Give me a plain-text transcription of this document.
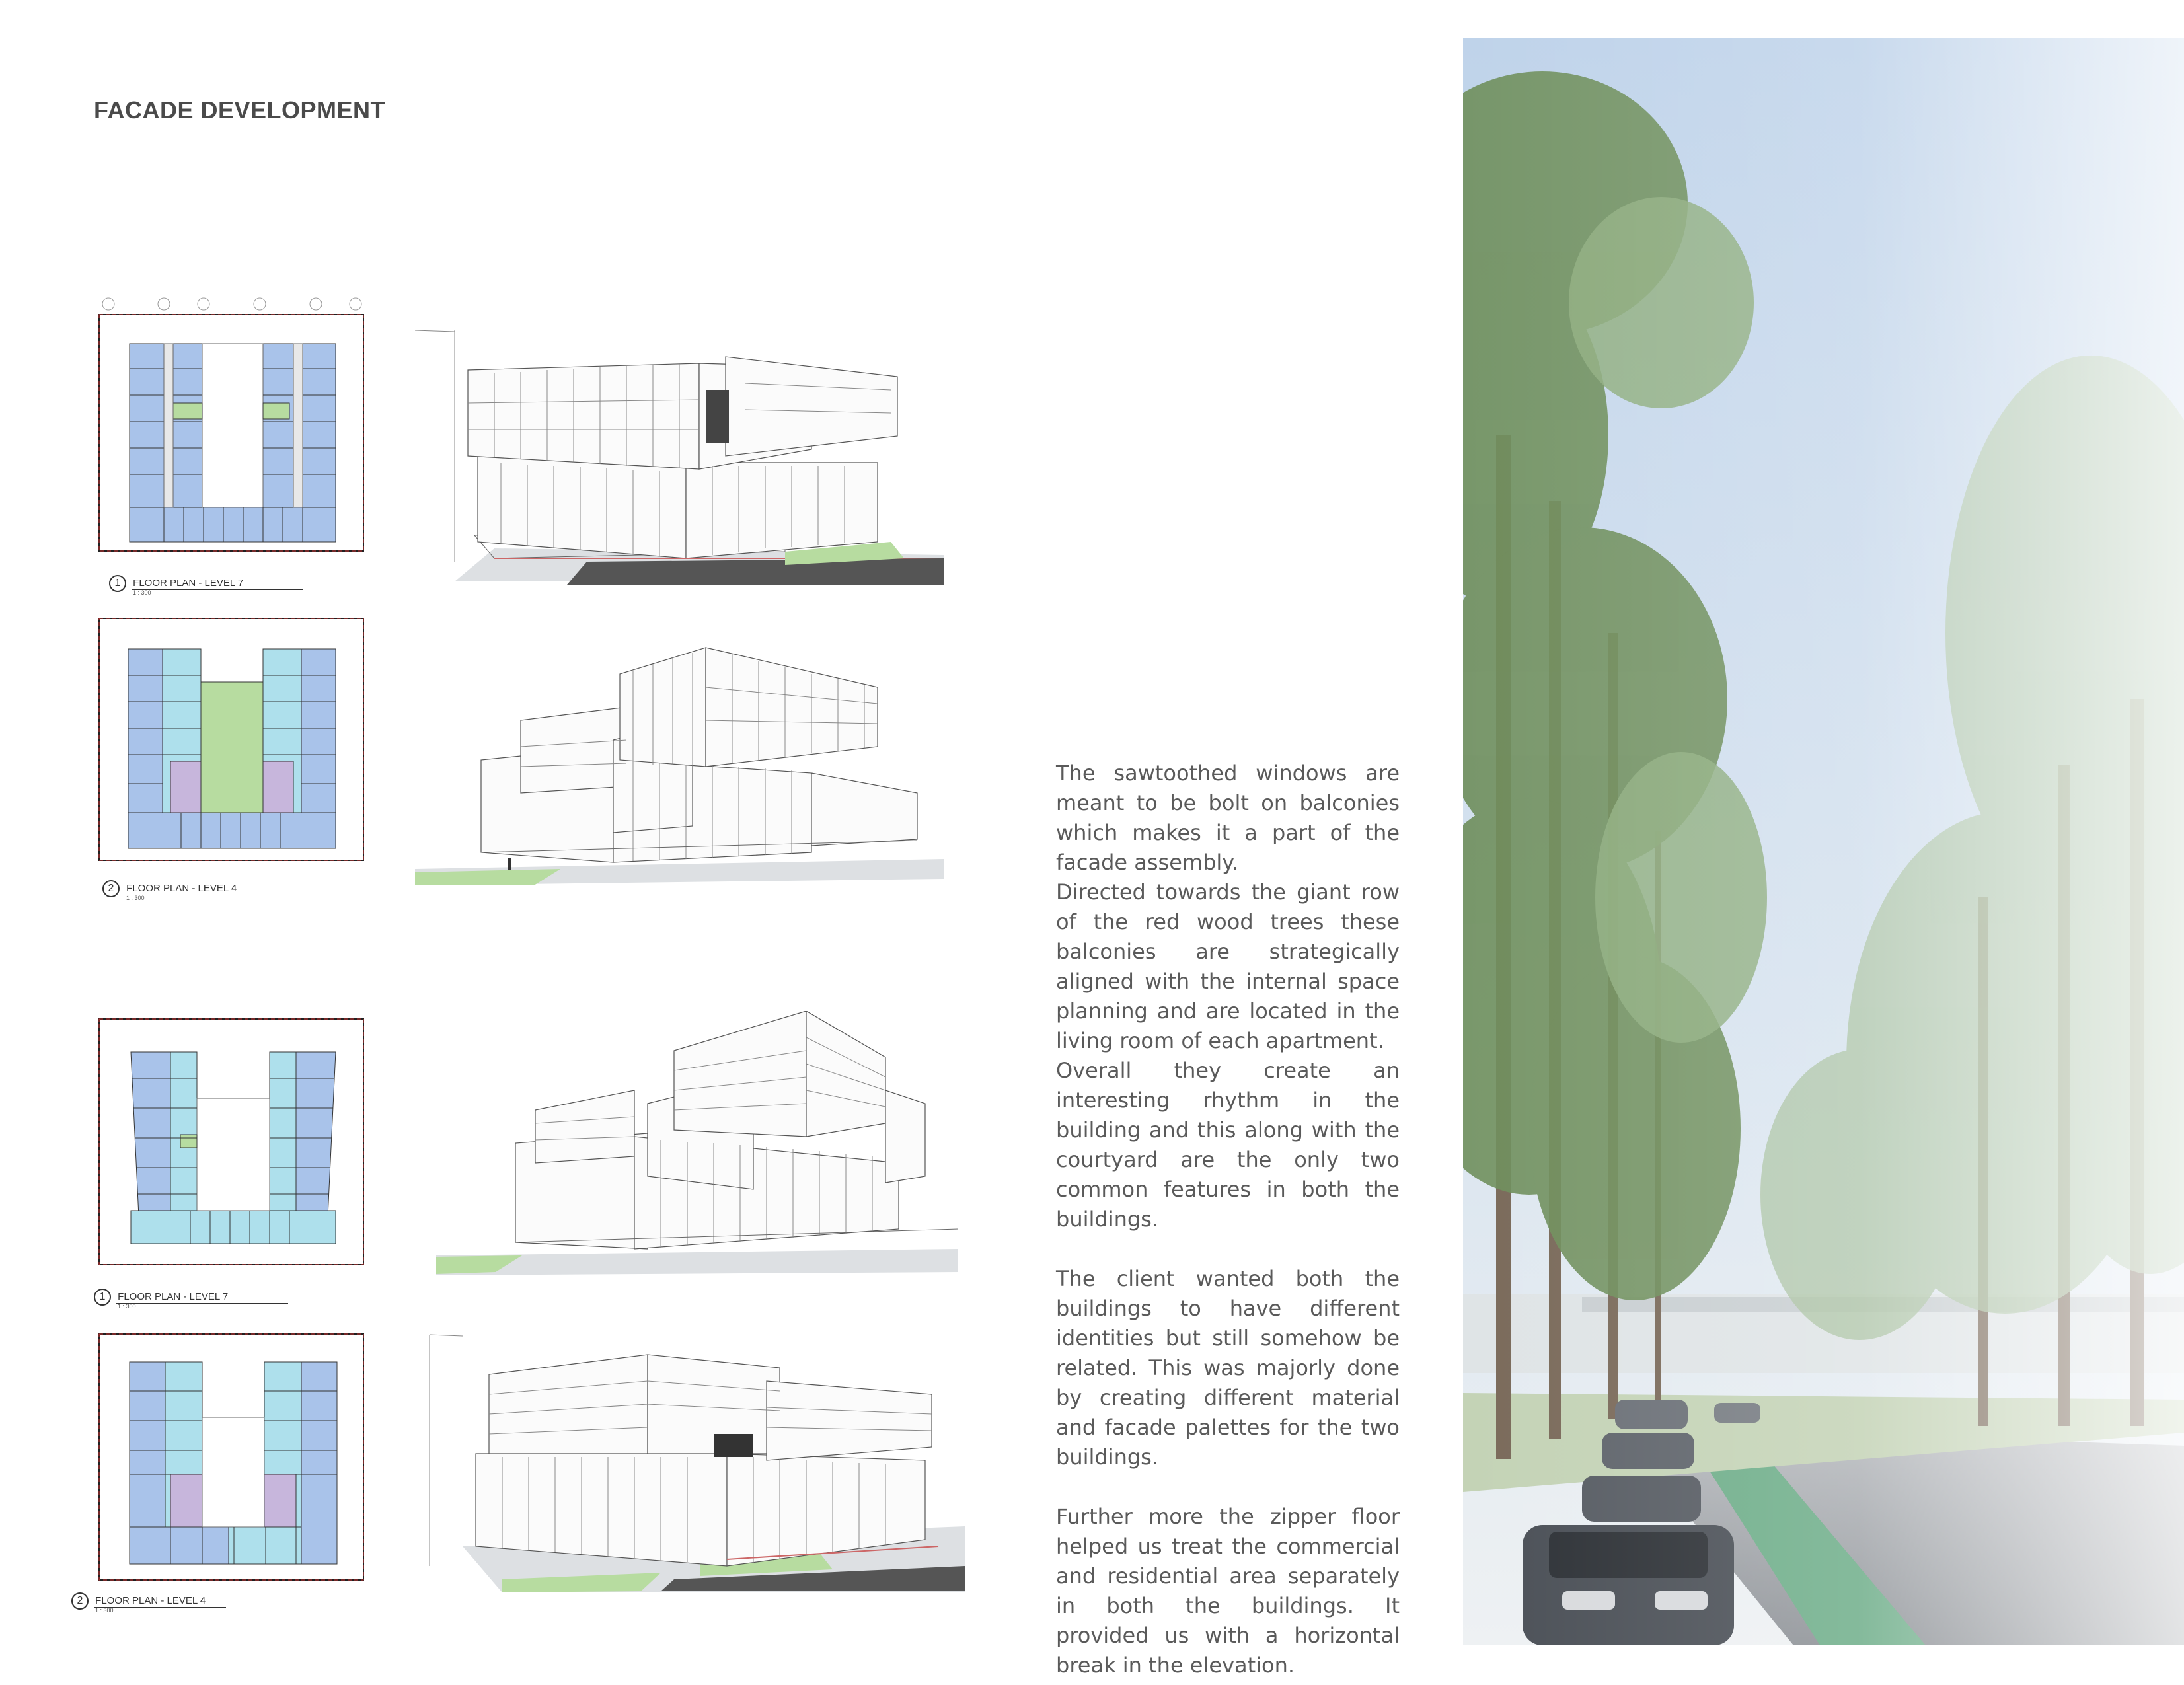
FACADE DEVELOPMENT
1 FLOOR PLAN - LEVEL 7
1 : 300
2 FLOOR PLAN - LEVEL 4
1 : 300
1 FLOOR PLAN - LEVEL 7
1 : 300
2 FLOOR PLAN - LEVEL 4
1 : 300

The sawtoothed windows are meant to be bolt on balconies which makes it a part of the facade assembly.

Directed towards the giant row of the red wood trees these balconies are strategically aligned with the internal space planning and are located in the living room of each apartment.

Overall they create an interesting rhythm in the building and this along with the courtyard are the only two common features in both the buildings.

The client wanted both the buildings to have different identities but still somehow be related. This was majorly done by creating different material and facade palettes for the two buildings.

Further more the zipper floor helped us treat the commercial and residential area separately in both the buildings. It provided us with a horizontal break in the elevation.
